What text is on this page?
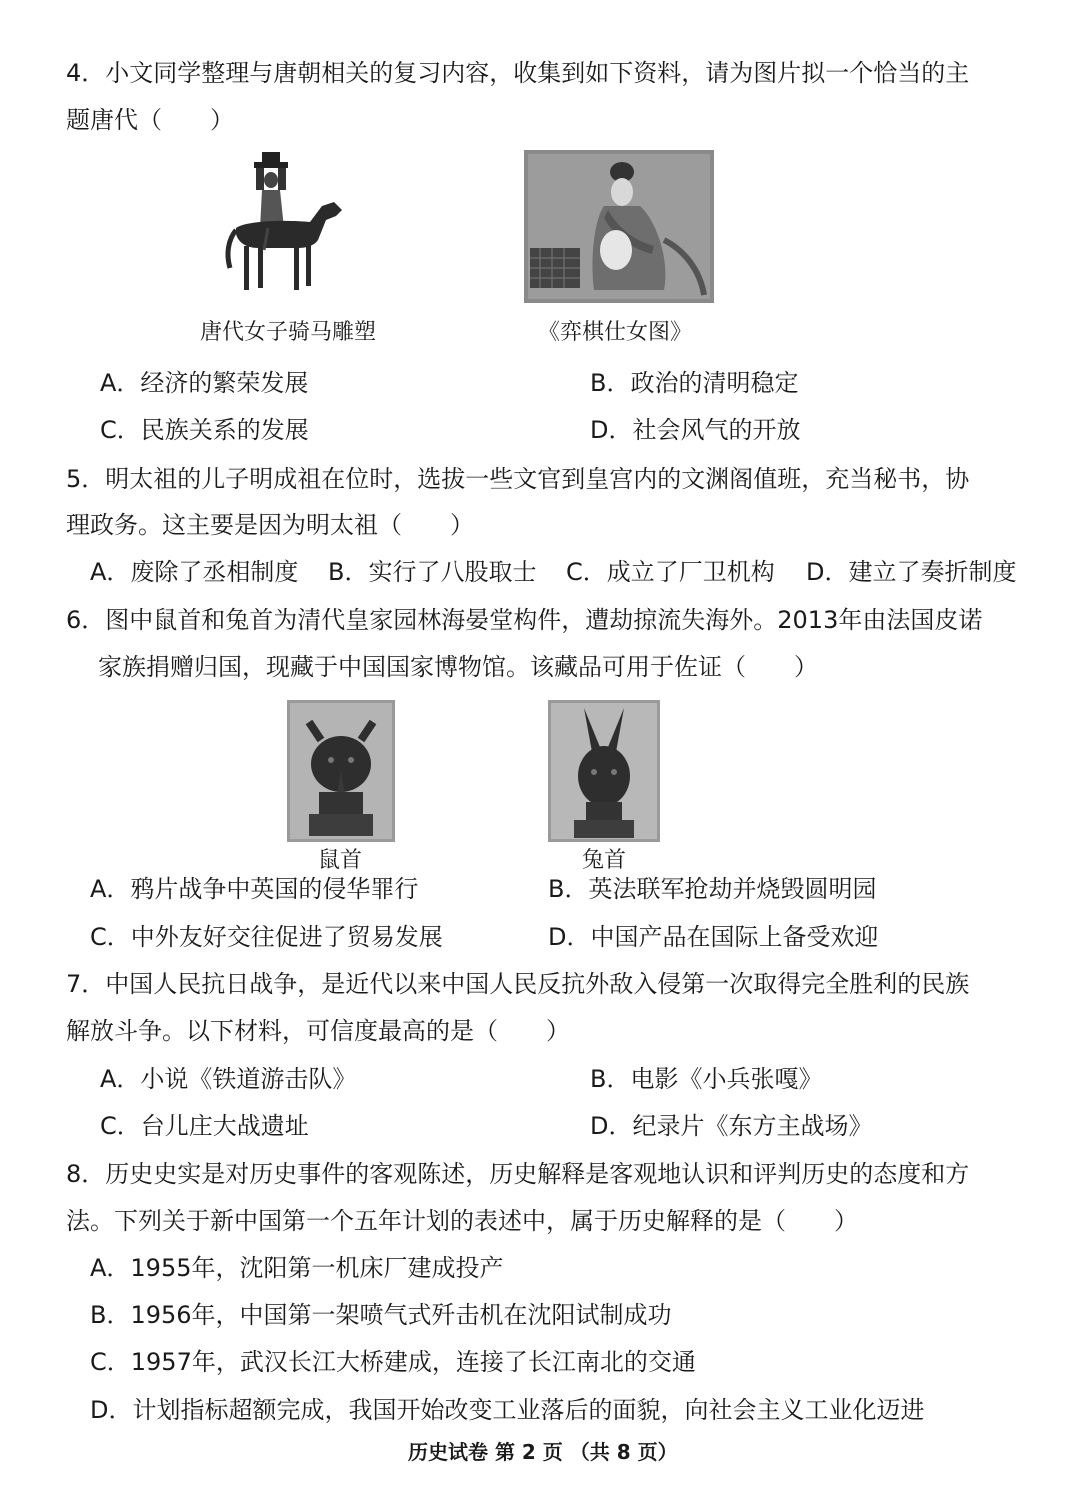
4．小文同学整理与唐朝相关的复习内容，收集到如下资料，请为图片拟一个恰当的主
题唐代（　　）
唐代女子骑马雕塑	《弈棋仕女图》
A．经济的繁荣发展	B．政治的清明稳定
C．民族关系的发展	D．社会风气的开放
5．明太祖的儿子明成祖在位时，选拔一些文官到皇宫内的文渊阁值班，充当秘书，协
理政务。这主要是因为明太祖（　　）
A．废除了丞相制度 B．实行了八股取士 C．成立了厂卫机构 D．建立了奏折制度
6．图中鼠首和兔首为清代皇家园林海晏堂构件，遭劫掠流失海外。2013年由法国皮诺
家族捐赠归国，现藏于中国国家博物馆。该藏品可用于佐证（　　）
鼠首	兔首
A．鸦片战争中英国的侵华罪行	B．英法联军抢劫并烧毁圆明园
C．中外友好交往促进了贸易发展	D．中国产品在国际上备受欢迎
7．中国人民抗日战争，是近代以来中国人民反抗外敌入侵第一次取得完全胜利的民族
解放斗争。以下材料，可信度最高的是（　　）
A．小说《铁道游击队》	B．电影《小兵张嘎》
C．台儿庄大战遗址	D．纪录片《东方主战场》
8．历史史实是对历史事件的客观陈述，历史解释是客观地认识和评判历史的态度和方
法。下列关于新中国第一个五年计划的表述中，属于历史解释的是（　　）
A．1955年，沈阳第一机床厂建成投产
B．1956年，中国第一架喷气式歼击机在沈阳试制成功
C．1957年，武汉长江大桥建成，连接了长江南北的交通
D．计划指标超额完成，我国开始改变工业落后的面貌，向社会主义工业化迈进
历史试卷 第 2 页 （共 8 页）
